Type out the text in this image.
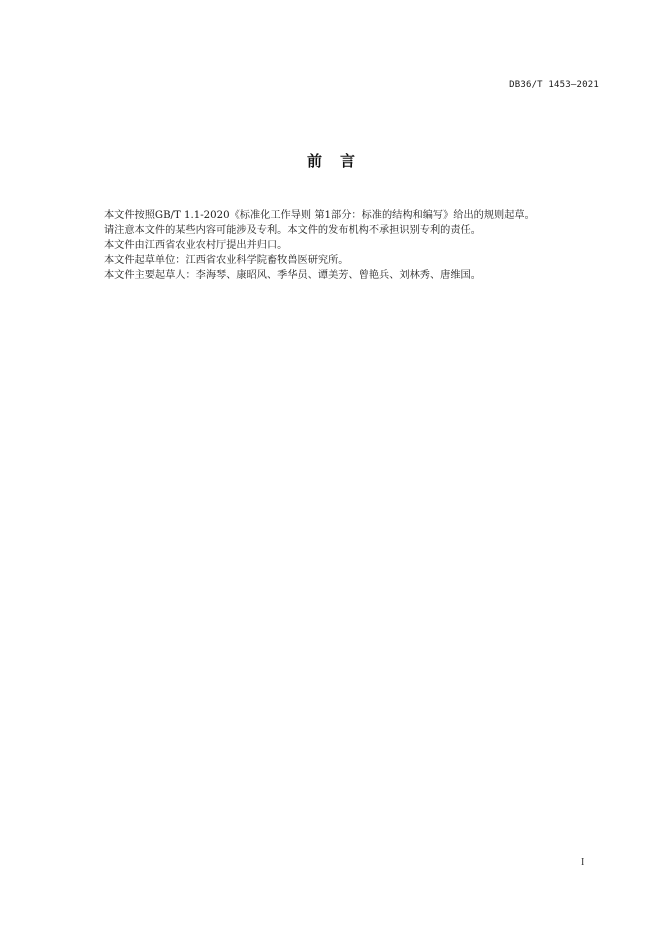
DB36/T 1453—2021
前言

本文件按照GB/T 1.1-2020《标准化工作导则 第1部分：标准的结构和编写》给出的规则起草。

请注意本文件的某些内容可能涉及专利。本文件的发布机构不承担识别专利的责任。

本文件由江西省农业农村厅提出并归口。

本文件起草单位：江西省农业科学院畜牧兽医研究所。

本文件主要起草人：李海琴、康昭风、季华员、谭美芳、曾艳兵、刘林秀、唐维国。

I
